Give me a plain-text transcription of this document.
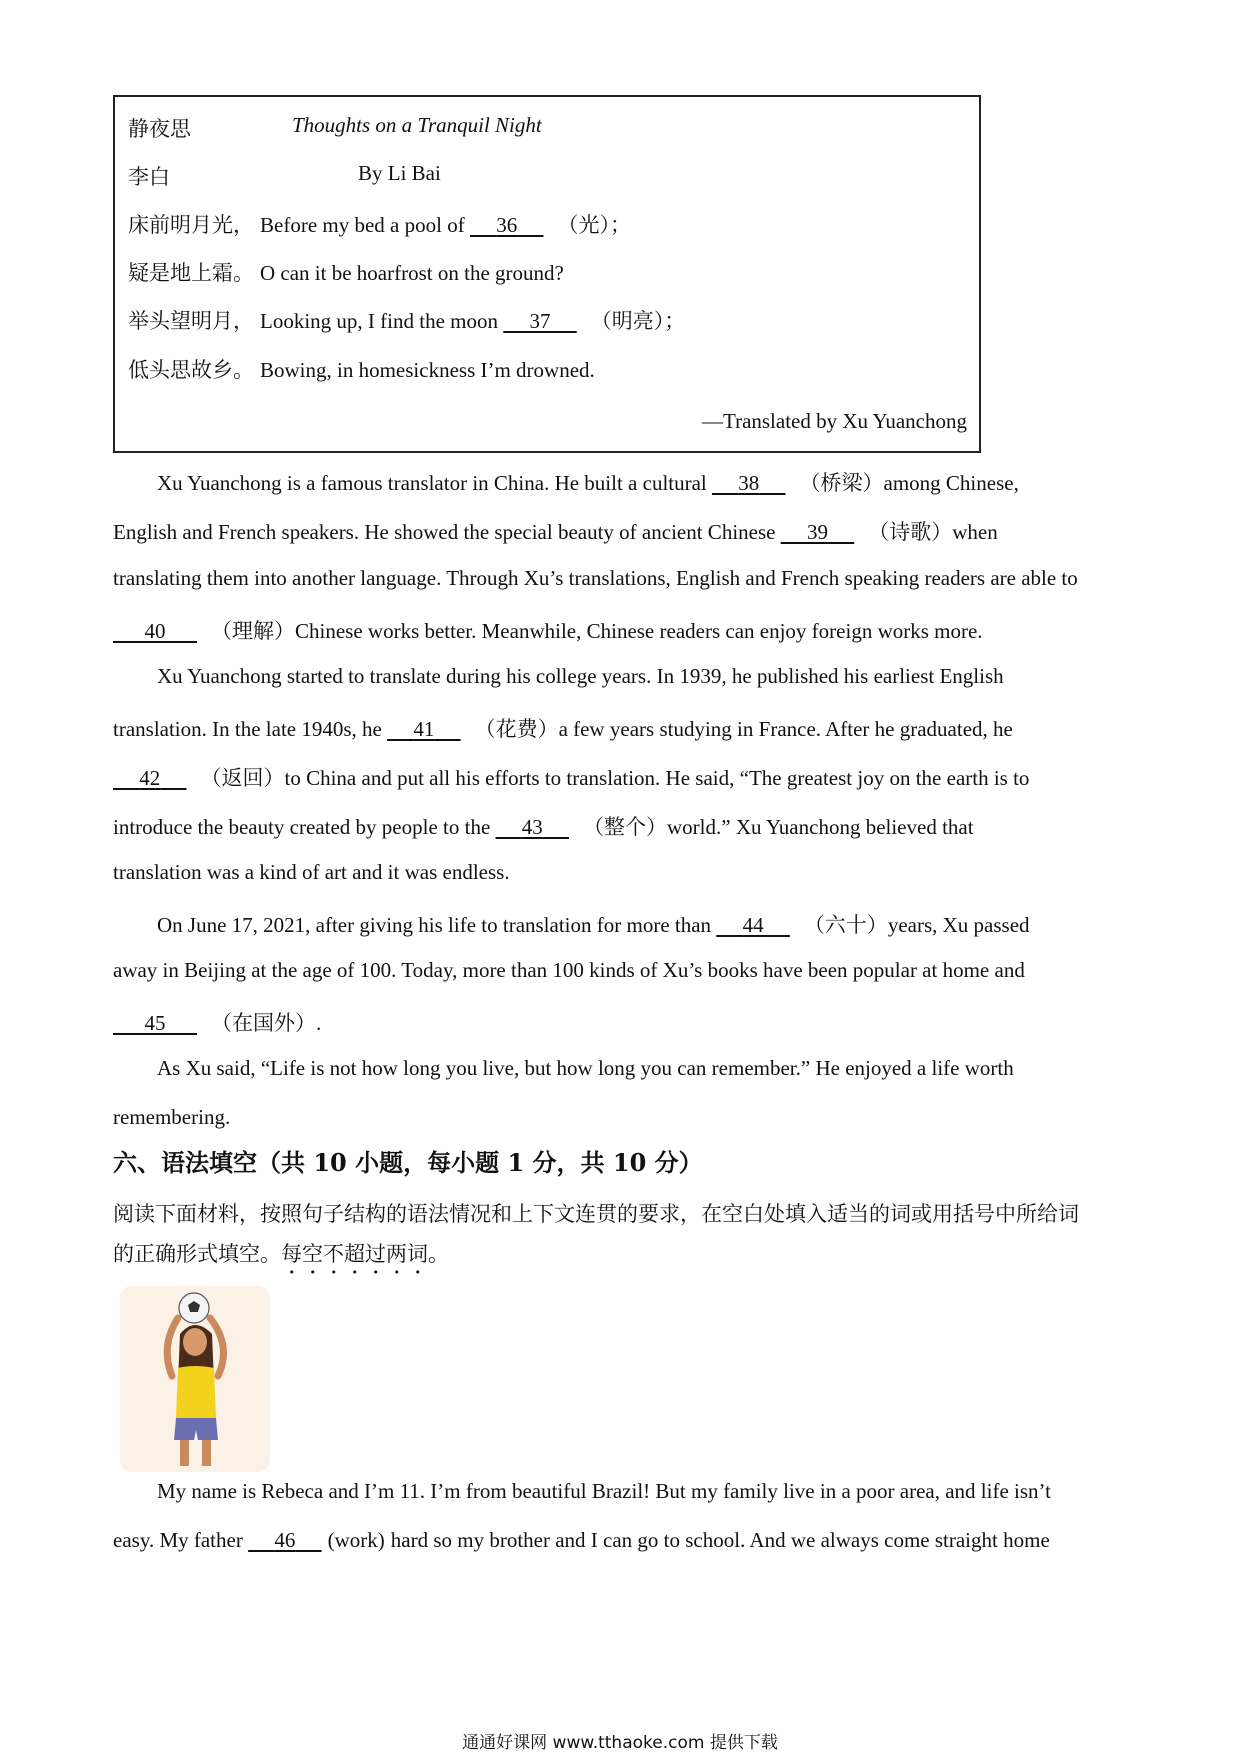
静夜思	Thoughts on a Tranquil Night
李白	By Li Bai
床前明月光， Before my bed a pool of      36 （光）；
疑是地上霜。 O can it be hoarfrost on the ground?
举头望明月， Looking up, I find the moon      37 （明亮）；
低头思故乡。 Bowing, in homesickness I’m drowned.
—Translated by Xu Yuanchong
Xu Yuanchong is a famous translator in China. He built a cultural      38 （桥梁）among Chinese,
English and French speakers. He showed the special beauty of ancient Chinese      39 （诗歌）when
translating them into another language. Through Xu’s translations, English and French speaking readers are able to
40 （理解）Chinese works better. Meanwhile, Chinese readers can enjoy foreign works more.
Xu Yuanchong started to translate during his college years. In 1939, he published his earliest English
translation. In the late 1940s, he      41 （花费）a few years studying in France. After he graduated, he
42 （返回）to China and put all his efforts to translation. He said, “The greatest joy on the earth is to
introduce the beauty created by people to the      43 （整个）world.” Xu Yuanchong believed that
translation was a kind of art and it was endless.
On June 17, 2021, after giving his life to translation for more than      44 （六十）years, Xu passed
away in Beijing at the age of 100. Today, more than 100 kinds of Xu’s books have been popular at home and
45 （在国外）.
As Xu said, “Life is not how long you live, but how long you can remember.” He enjoyed a life worth
remembering.
六、语法填空（共 10 小题，每小题 1 分，共 10 分）
阅读下面材料，按照句子结构的语法情况和上下文连贯的要求，在空白处填入适当的词或用括号中所给词
的正确形式填空。每空不超过两词。
My name is Rebeca and I’m 11. I’m from beautiful Brazil! But my family live in a poor area, and life isn’t
easy. My father      46 (work) hard so my brother and I can go to school. And we always come straight home
通通好课网 www.tthaoke.com 提供下载
